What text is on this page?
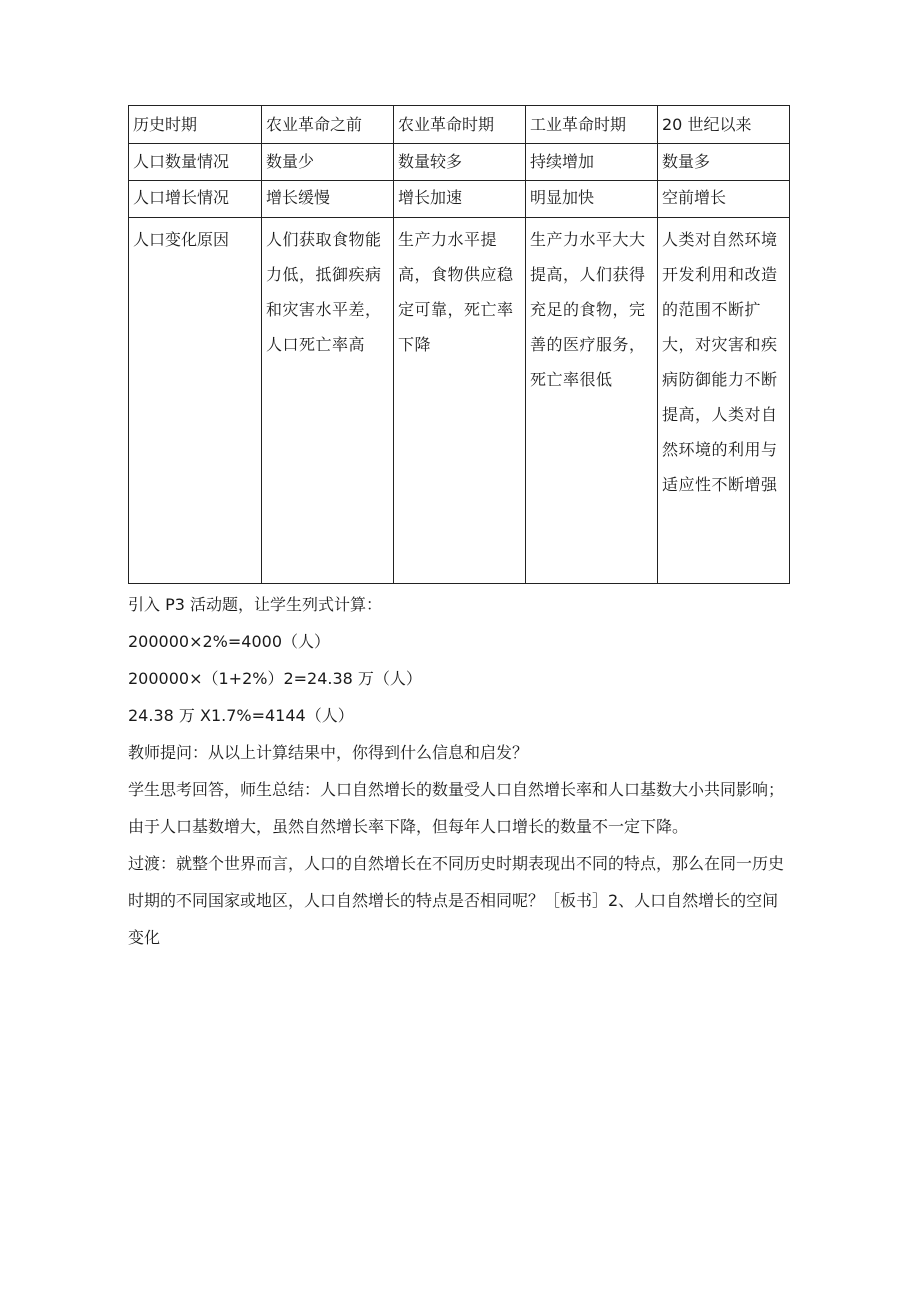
历史时期	农业革命之前	农业革命时期	工业革命时期	20 世纪以来
人口数量情况	数量少	数量较多	持续增加	数量多
人口增长情况	增长缓慢	增长加速	明显加快	空前增长
人口变化原因	人们获取食物能力低，抵御疾病和灾害水平差，人口死亡率高	生产力水平提高，食物供应稳定可靠，死亡率下降	生产力水平大大提高，人们获得充足的食物，完善的医疗服务，死亡率很低	人类对自然环境开发利用和改造的范围不断扩大，对灾害和疾病防御能力不断提高，人类对自然环境的利用与适应性不断增强

引入 P3 活动题，让学生列式计算：

200000×2%=4000（人）

200000×（1+2%）2=24.38 万（人）

24.38 万 X1.7%=4144（人）

教师提问：从以上计算结果中，你得到什么信息和启发？

学生思考回答，师生总结：人口自然增长的数量受人口自然增长率和人口基数大小共同影响；由于人口基数增大，虽然自然增长率下降，但每年人口增长的数量不一定下降。

过渡：就整个世界而言，人口的自然增长在不同历史时期表现出不同的特点，那么在同一历史时期的不同国家或地区，人口自然增长的特点是否相同呢？［板书］2、人口自然增长的空间变化
